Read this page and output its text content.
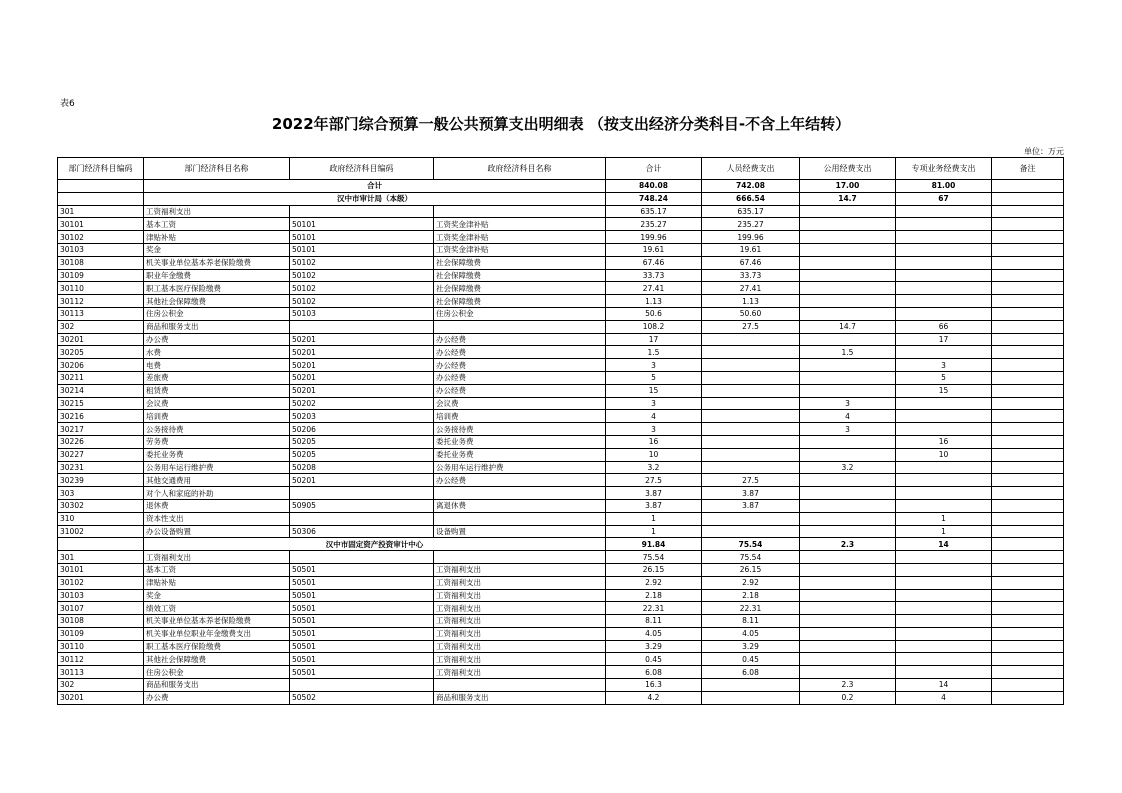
表6
2022年部门综合预算一般公共预算支出明细表 （按支出经济分类科目-不含上年结转）
单位：万元
部门经济科目编码	部门经济科目名称	政府经济科目编码	政府经济科目名称	合计	人员经费支出	公用经费支出	专项业务经费支出	备注
	合计			840.08	742.08	17.00	81.00	
	汉中市审计局（本级）			748.24	666.54	14.7	67	
301	工资福利支出			635.17	635.17			
30101	基本工资	50101	工资奖金津补贴	235.27	235.27			
30102	津贴补贴	50101	工资奖金津补贴	199.96	199.96			
30103	奖金	50101	工资奖金津补贴	19.61	19.61			
30108	机关事业单位基本养老保险缴费	50102	社会保障缴费	67.46	67.46			
30109	职业年金缴费	50102	社会保障缴费	33.73	33.73			
30110	职工基本医疗保险缴费	50102	社会保障缴费	27.41	27.41			
30112	其他社会保障缴费	50102	社会保障缴费	1.13	1.13			
30113	住房公积金	50103	住房公积金	50.6	50.60			
302	商品和服务支出			108.2	27.5	14.7	66	
30201	办公费	50201	办公经费	17			17	
30205	水费	50201	办公经费	1.5		1.5		
30206	电费	50201	办公经费	3			3	
30211	差旅费	50201	办公经费	5			5	
30214	租赁费	50201	办公经费	15			15	
30215	会议费	50202	会议费	3		3		
30216	培训费	50203	培训费	4		4		
30217	公务接待费	50206	公务接待费	3		3		
30226	劳务费	50205	委托业务费	16			16	
30227	委托业务费	50205	委托业务费	10			10	
30231	公务用车运行维护费	50208	公务用车运行维护费	3.2		3.2		
30239	其他交通费用	50201	办公经费	27.5	27.5			
303	对个人和家庭的补助			3.87	3.87			
30302	退休费	50905	离退休费	3.87	3.87			
310	资本性支出			1			1	
31002	办公设备购置	50306	设备购置	1			1	
	汉中市固定资产投资审计中心			91.84	75.54	2.3	14	
301	工资福利支出			75.54	75.54			
30101	基本工资	50501	工资福利支出	26.15	26.15			
30102	津贴补贴	50501	工资福利支出	2.92	2.92			
30103	奖金	50501	工资福利支出	2.18	2.18			
30107	绩效工资	50501	工资福利支出	22.31	22.31			
30108	机关事业单位基本养老保险缴费	50501	工资福利支出	8.11	8.11			
30109	机关事业单位职业年金缴费支出	50501	工资福利支出	4.05	4.05			
30110	职工基本医疗保险缴费	50501	工资福利支出	3.29	3.29			
30112	其他社会保障缴费	50501	工资福利支出	0.45	0.45			
30113	住房公积金	50501	工资福利支出	6.08	6.08			
302	商品和服务支出			16.3		2.3	14	
30201	办公费	50502	商品和服务支出	4.2		0.2	4	
